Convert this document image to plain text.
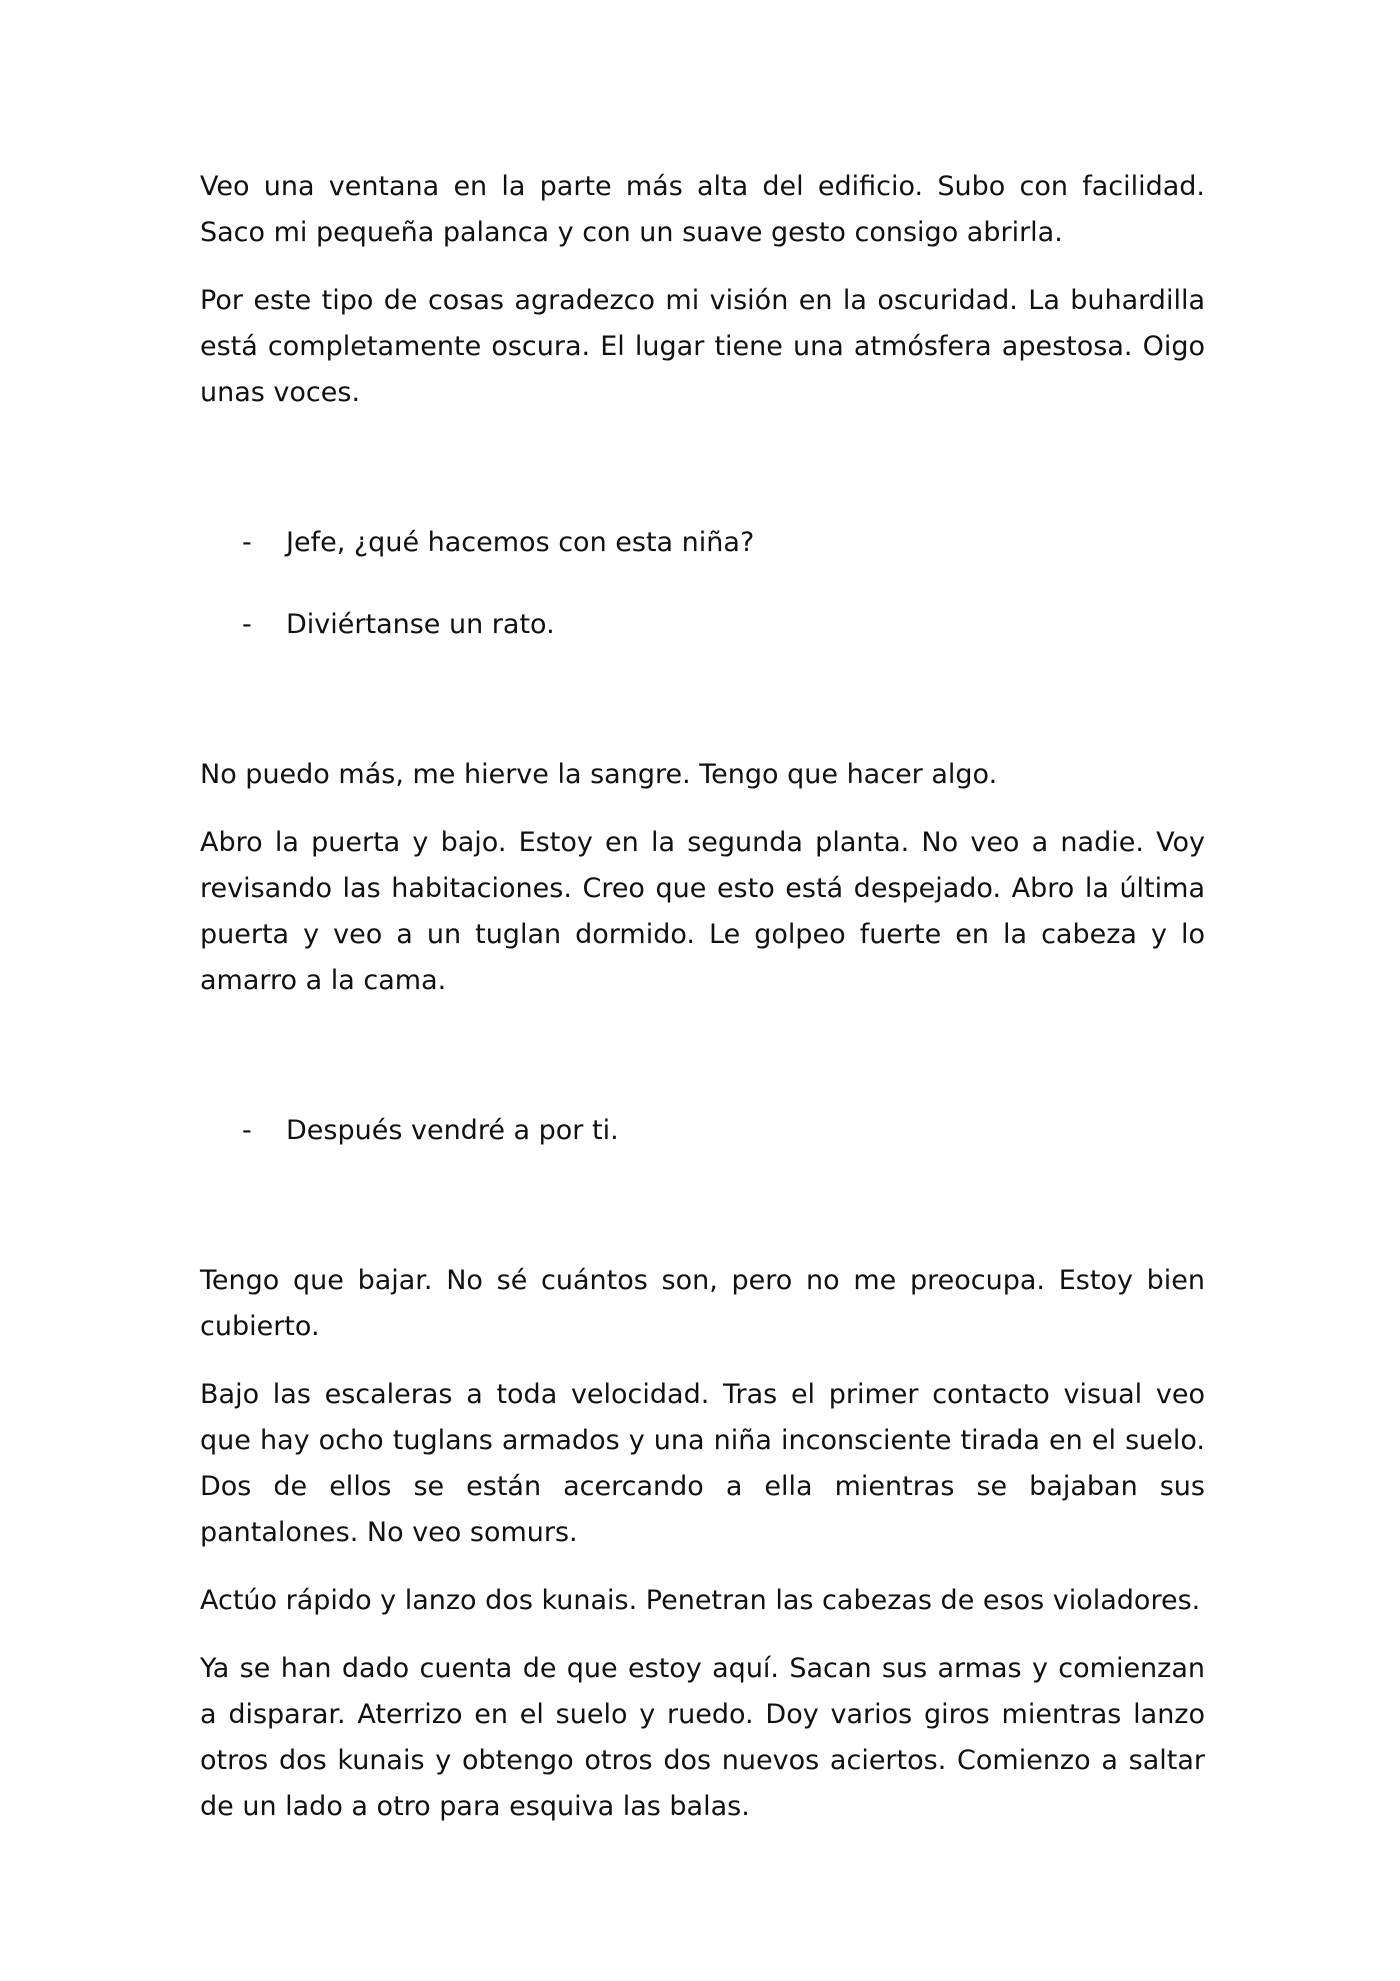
Veo una ventana en la parte más alta del edificio. Subo con facilidad. Saco mi pequeña palanca y con un suave gesto consigo abrirla.

Por este tipo de cosas agradezco mi visión en la oscuridad. La buhardilla está completamente oscura. El lugar tiene una atmósfera apestosa. Oigo unas voces.

- Jefe, ¿qué hacemos con esta niña?

- Diviértanse un rato.

No puedo más, me hierve la sangre. Tengo que hacer algo.

Abro la puerta y bajo. Estoy en la segunda planta. No veo a nadie. Voy revisando las habitaciones. Creo que esto está despejado. Abro la última puerta y veo a un tuglan dormido. Le golpeo fuerte en la cabeza y lo amarro a la cama.

- Después vendré a por ti.

Tengo que bajar. No sé cuántos son, pero no me preocupa. Estoy bien cubierto.

Bajo las escaleras a toda velocidad. Tras el primer contacto visual veo que hay ocho tuglans armados y una niña inconsciente tirada en el suelo. Dos de ellos se están acercando a ella mientras se bajaban sus pantalones. No veo somurs.

Actúo rápido y lanzo dos kunais. Penetran las cabezas de esos violadores.

Ya se han dado cuenta de que estoy aquí. Sacan sus armas y comienzan a disparar. Aterrizo en el suelo y ruedo. Doy varios giros mientras lanzo otros dos kunais y obtengo otros dos nuevos aciertos. Comienzo a saltar de un lado a otro para esquiva las balas.
